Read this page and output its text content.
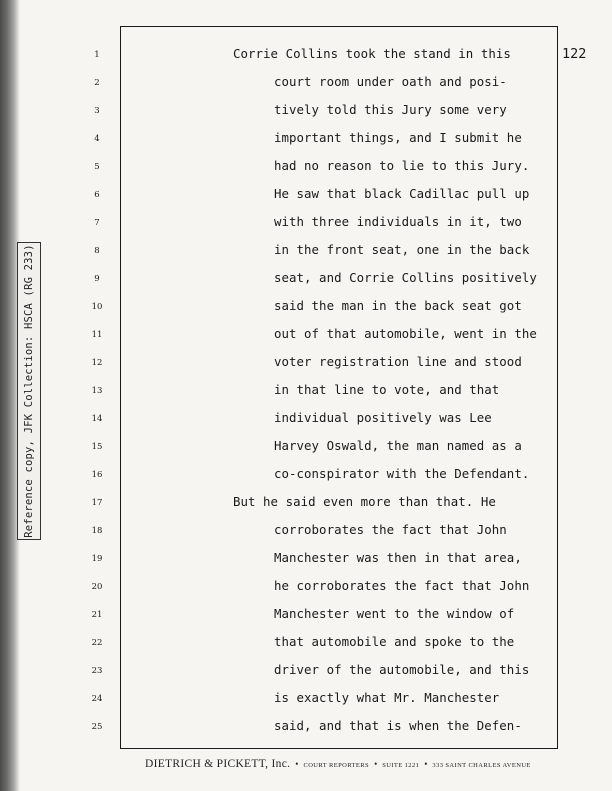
Reference copy, JFK Collection: HSCA (RG 233)
122
1	Corrie Collins took the stand in this
2	court room under oath and posi-
3	tively told this Jury some very
4	important things, and I submit he
5	had no reason to lie to this Jury.
6	He saw that black Cadillac pull up
7	with three individuals in it, two
8	in the front seat, one in the back
9	seat, and Corrie Collins positively
10	said the man in the back seat got
11	out of that automobile, went in the
12	voter registration line and stood
13	in that line to vote, and that
14	individual positively was Lee
15	Harvey Oswald, the man named as a
16	co-conspirator with the Defendant.
17	But he said even more than that. He
18	corroborates the fact that John
19	Manchester was then in that area,
20	he corroborates the fact that John
21	Manchester went to the window of
22	that automobile and spoke to the
23	driver of the automobile, and this
24	is exactly what Mr. Manchester
25	said, and that is when the Defen-
DIETRICH & PICKETT, Inc. • COURT REPORTERS • SUITE 1221 • 333 SAINT CHARLES AVENUE
